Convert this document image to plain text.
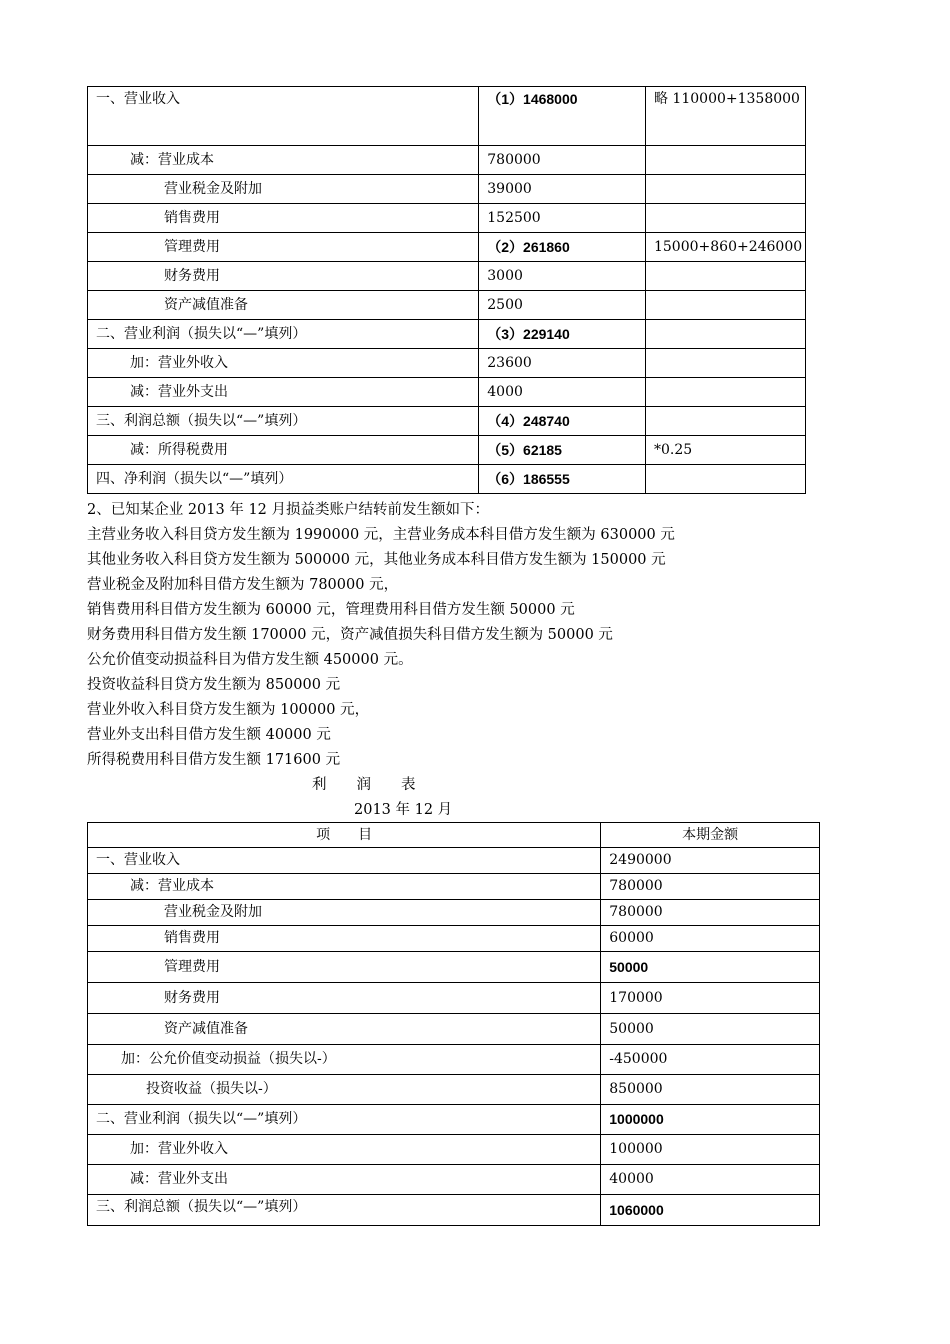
一、营业收入	（1）1468000	略 110000+1358000
减：营业成本	780000	
营业税金及附加	39000	
销售费用	152500	
管理费用	（2）261860	15000+860+246000
财务费用	3000	
资产减值准备	2500	
二、营业利润（损失以“—”填列）	（3）229140	
加：营业外收入	23600	
减：营业外支出	4000	
三、利润总额（损失以“—”填列）	（4）248740	
减：所得税费用	（5）62185	*0.25
四、净利润（损失以“—”填列）	（6）186555	

2、已知某企业 2013 年 12 月损益类账户结转前发生额如下：

主营业务收入科目贷方发生额为 1990000 元，主营业务成本科目借方发生额为 630000 元

其他业务收入科目贷方发生额为 500000 元，其他业务成本科目借方发生额为 150000 元

营业税金及附加科目借方发生额为 780000 元，

销售费用科目借方发生额为 60000 元，管理费用科目借方发生额 50000 元

财务费用科目借方发生额 170000 元，资产减值损失科目借方发生额为 50000 元

公允价值变动损益科目为借方发生额 450000 元。

投资收益科目贷方发生额为 850000 元

营业外收入科目贷方发生额为 100000 元，

营业外支出科目借方发生额 40000 元

所得税费用科目借方发生额 171600 元

利 润 表
2013 年 12 月
项　　目	本期金额
一、营业收入	2490000
减：营业成本	780000
营业税金及附加	780000
销售费用	60000
管理费用	50000
财务费用	170000
资产减值准备	50000
加：公允价值变动损益（损失以-）	-450000
投资收益（损失以-）	850000
二、营业利润（损失以“—”填列）	1000000
加：营业外收入	100000
减：营业外支出	40000
三、利润总额（损失以“—”填列）	1060000
